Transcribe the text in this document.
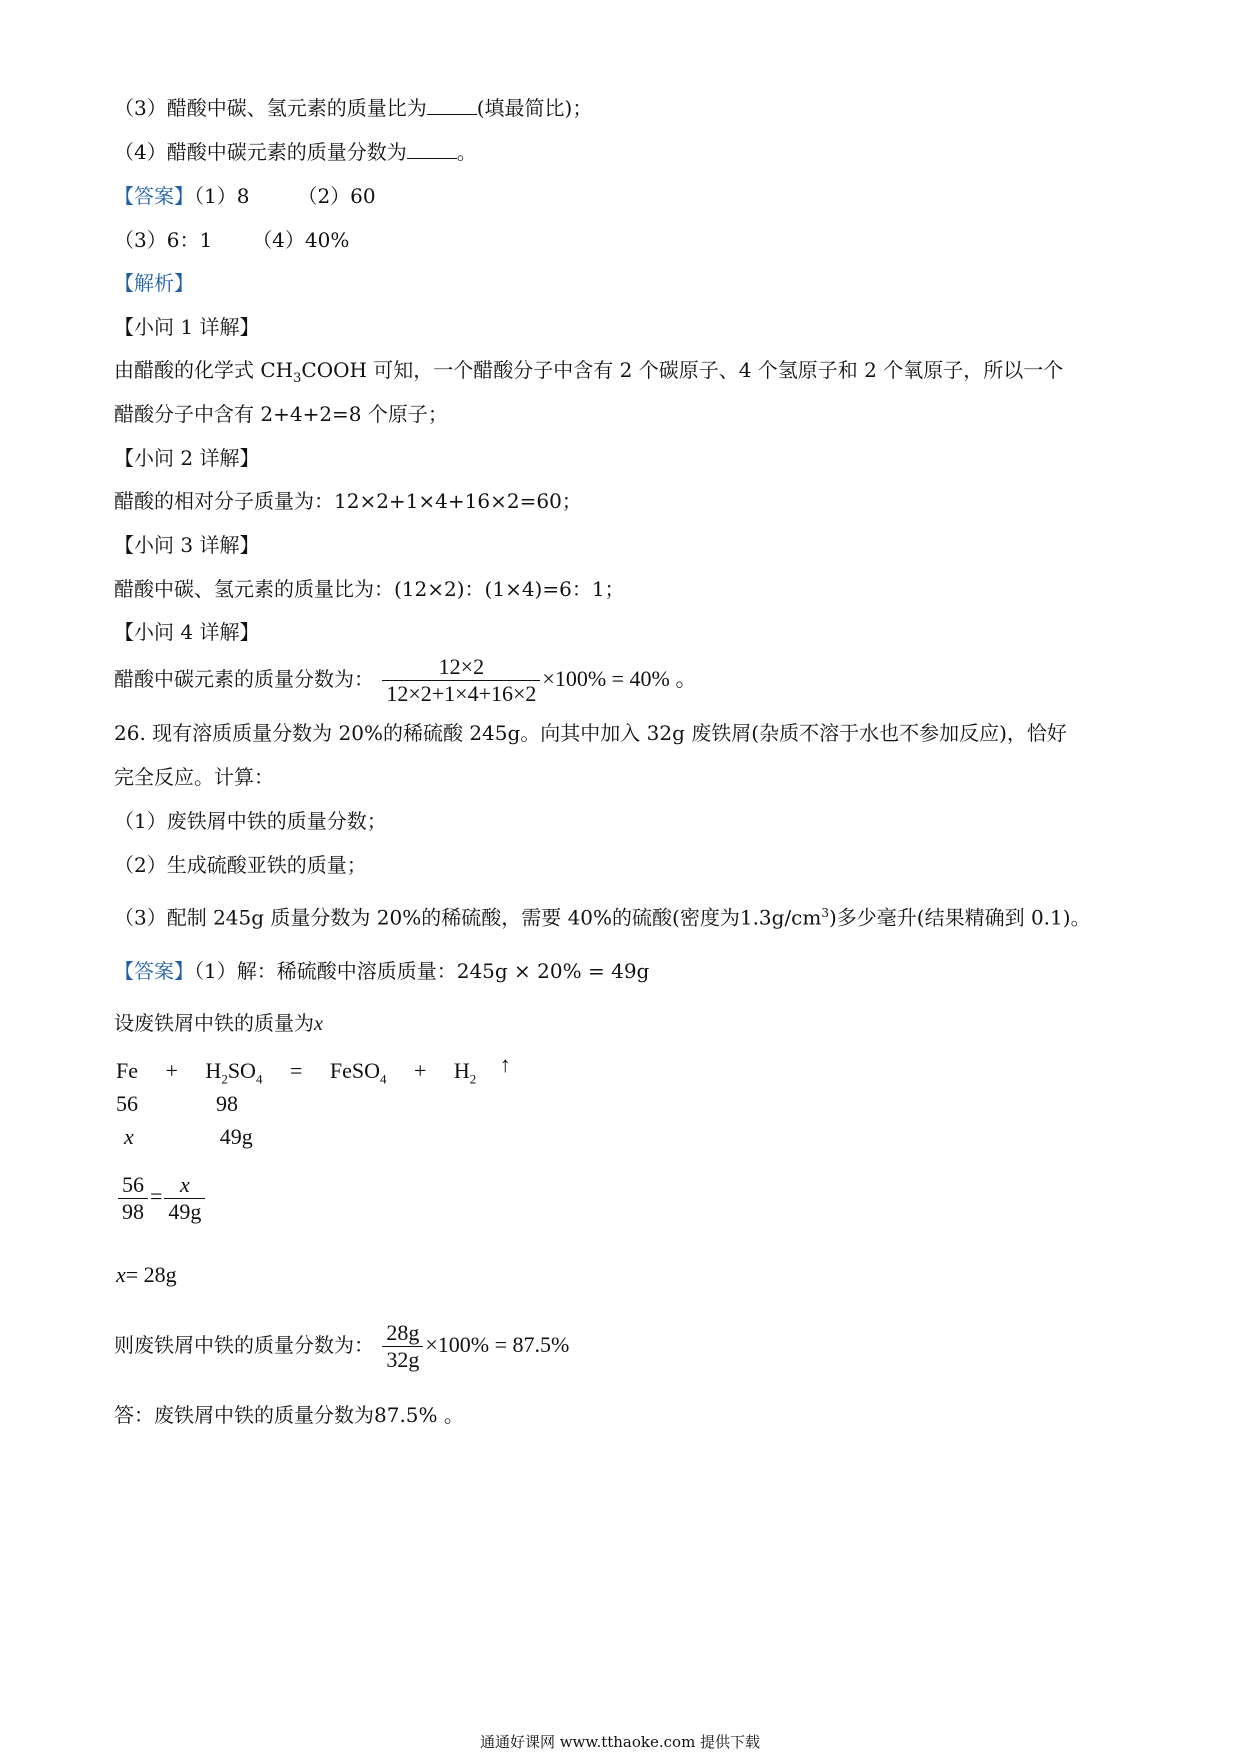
（3）醋酸中碳、氢元素的质量比为	(填最简比)；
（4）醋酸中碳元素的质量分数为	。
【答案】（1）8 （2）60
（3）6：1 （4）40%
【解析】
【小问 1 详解】
由醋酸的化学式 $CH_3COOH$ 可知，一个醋酸分子中含有 2 个碳原子、4 个氢原子和 2 个氧原子，所以一个
醋酸分子中含有 2+4+2=8 个原子；
【小问 2 详解】
醋酸的相对分子质量为：12×2+1×4+16×2=60；
【小问 3 详解】
醋酸中碳、氢元素的质量比为：(12×2)：(1×4)=6：1；
【小问 4 详解】
醋酸中碳元素的质量分数为： $\frac{12\times 2}{12\times 2+1\times 4+16\times 2} \times 100\% = 40\%$ 。
26. 现有溶质质量分数为 20%的稀硫酸 245g。向其中加入 32g 废铁屑(杂质不溶于水也不参加反应)，恰好
完全反应。计算：
（1）废铁屑中铁的质量分数；
（2）生成硫酸亚铁的质量；
（3）配制 245g 质量分数为 20%的稀硫酸，需要 40%的硫酸(密度为$1.3g/cm^3$)多少毫升(结果精确到 0.1)。
【答案】（1）解：稀硫酸中溶质质量：245g × 20% = 49g
设废铁屑中铁的质量为x
$Fe + H_2SO_4$ = FeSO$_4$ + $H_2$ ↑
56	98
x	49g
$\frac{56}{98} = \frac{x}{49g}$
x= 28g
则废铁屑中铁的质量分数为： $\frac{28g}{32g} \times 100\% = 87.5\%$
答：废铁屑中铁的质量分数为87.5% 。
通通好课网 www.tthaoke.com 提供下载
